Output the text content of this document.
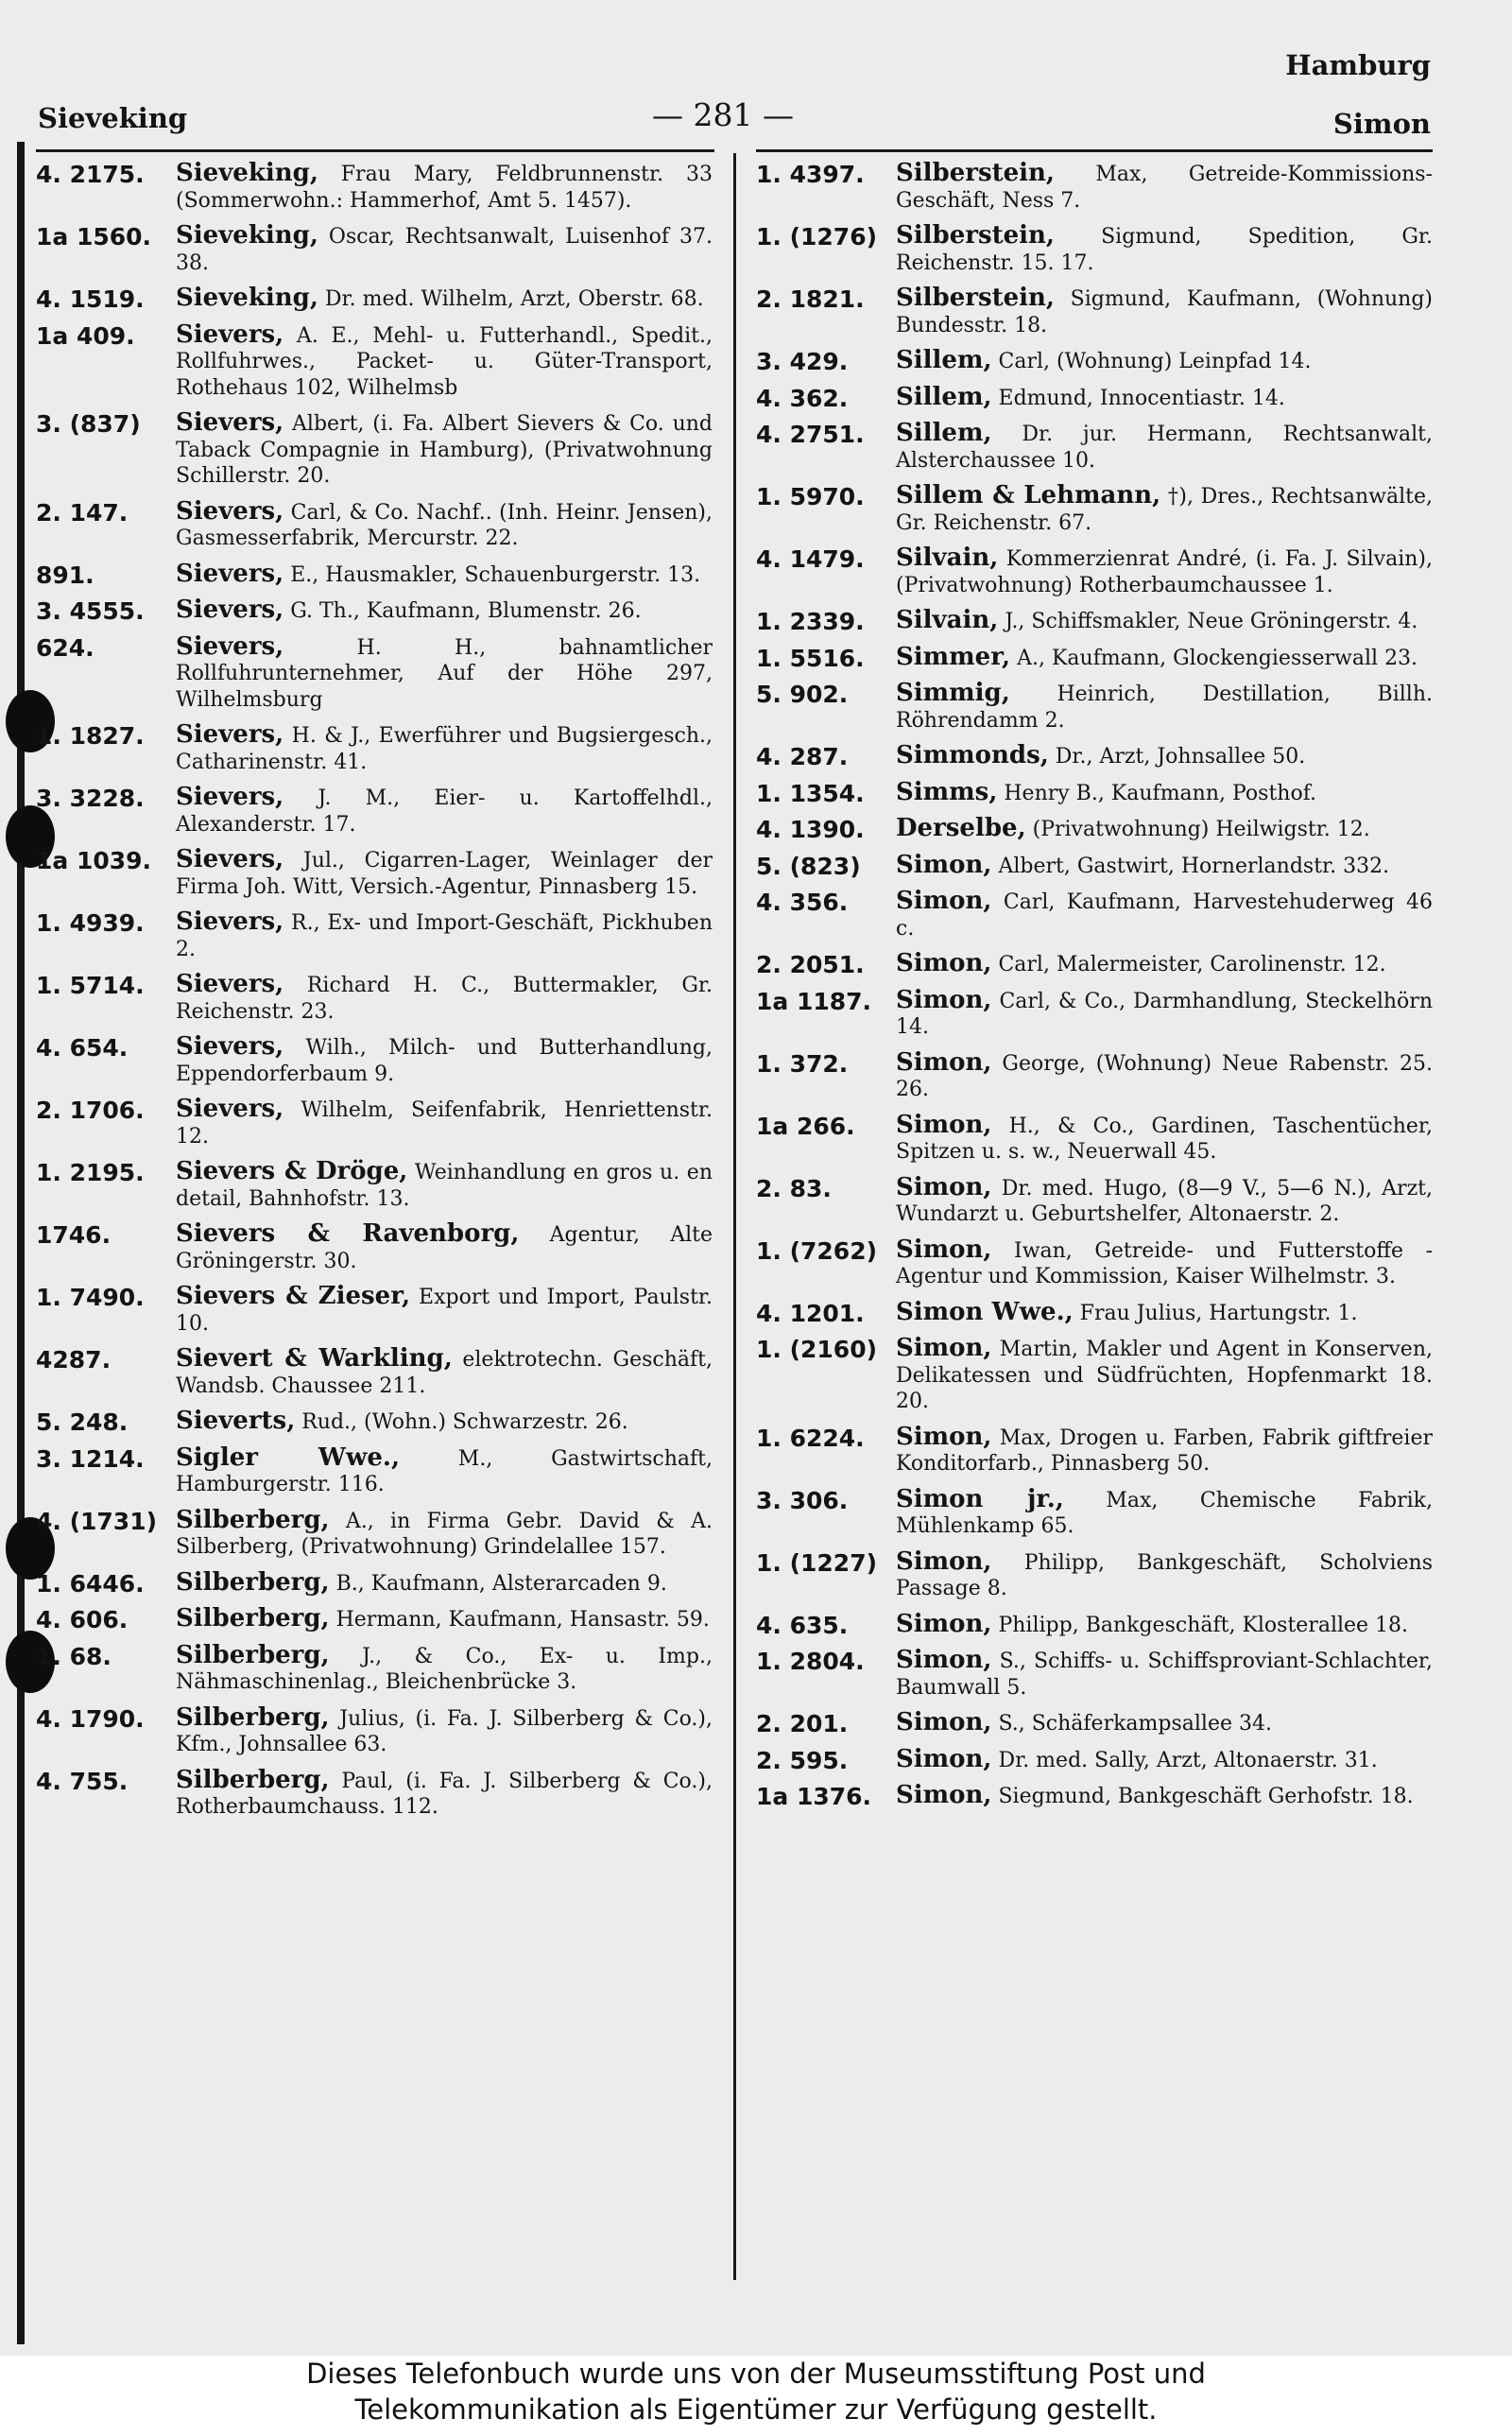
Hamburg
Sieveking	— 281 —	Simon
4. 2175.	Sieveking, Frau Mary, Feldbrunnenstr. 33 (Sommerwohn.: Hammerhof, Amt 5. 1457).
1a 1560. Sieveking, Oscar, Rechtsanwalt, Luisenhof 37. 38.
4. 1519.	Sieveking, Dr. med. Wilhelm, Arzt, Oberstr. 68.
1a 409.	Sievers, A. E., Mehl- u. Futterhandl., Spedit., Rollfuhrwes., Packet- u. Güter-Transport, Rothehaus 102, Wilhelmsb
3. (837)	Sievers, Albert, (i. Fa. Albert Sievers & Co. und Taback Compagnie in Hamburg), (Privatwohnung Schillerstr. 20.
2. 147.	Sievers, Carl, & Co. Nachf.. (Inh. Heinr. Jensen), Gasmesserfabrik, Mercurstr. 22.
891.	Sievers, E., Hausmakler, Schauenburgerstr. 13.
3. 4555.	Sievers, G. Th., Kaufmann, Blumenstr. 26.
624.	Sievers, H. H., bahnamtlicher Rollfuhrunternehmer, Auf der Höhe 297, Wilhelmsburg
1. 1827.	Sievers, H. & J., Ewerführer und Bugsiergesch., Catharinenstr. 41.
3. 3228.	Sievers, J. M., Eier- u. Kartoffelhdl., Alexanderstr. 17.
1a 1039. Sievers, Jul., Cigarren-Lager, Weinlager der Firma Joh. Witt, Versich.-Agentur, Pinnasberg 15.
1. 4939.	Sievers, R., Ex- und Import-Geschäft, Pickhuben 2.
1. 5714.	Sievers, Richard H. C., Buttermakler, Gr. Reichenstr. 23.
4. 654.	Sievers, Wilh., Milch- und Butterhandlung, Eppendorferbaum 9.
2. 1706.	Sievers, Wilhelm, Seifenfabrik, Henriettenstr. 12.
1. 2195.	Sievers & Dröge, Weinhandlung en gros u. en detail, Bahnhofstr. 13.
1746.	Sievers & Ravenborg, Agentur, Alte Gröningerstr. 30.
1. 7490.	Sievers & Zieser, Export und Import, Paulstr. 10.
4287.	Sievert & Warkling, elektrotechn. Geschäft, Wandsb. Chaussee 211.
5. 248.	Sieverts, Rud., (Wohn.) Schwarzestr. 26.
3. 1214.	Sigler Wwe., M., Gastwirtschaft, Hamburgerstr. 116.
4. (1731) Silberberg, A., in Firma Gebr. David & A. Silberberg, (Privatwohnung) Grindelallee 157.
1. 6446.	Silberberg, B., Kaufmann, Alsterarcaden 9.
4. 606.	Silberberg, Hermann, Kaufmann, Hansastr. 59.
1. 68.	Silberberg, J., & Co., Ex- u. Imp., Nähmaschinenlag., Bleichenbrücke 3.
4. 1790.	Silberberg, Julius, (i. Fa. J. Silberberg & Co.), Kfm., Johnsallee 63.
4. 755.	Silberberg, Paul, (i. Fa. J. Silberberg & Co.), Rotherbaumchauss. 112.
1. 4397.	Silberstein, Max, Getreide-Kommissions-Geschäft, Ness 7.
1. (1276) Silberstein, Sigmund, Spedition, Gr. Reichenstr. 15. 17.
2. 1821.	Silberstein, Sigmund, Kaufmann, (Wohnung) Bundesstr. 18.
3. 429.	Sillem, Carl, (Wohnung) Leinpfad 14.
4. 362.	Sillem, Edmund, Innocentiastr. 14.
4. 2751.	Sillem, Dr. jur. Hermann, Rechtsanwalt, Alsterchaussee 10.
1. 5970.	Sillem & Lehmann, †), Dres., Rechtsanwälte, Gr. Reichenstr. 67.
4. 1479.	Silvain, Kommerzienrat André, (i. Fa. J. Silvain), (Privatwohnung) Rotherbaumchaussee 1.
1. 2339.	Silvain, J., Schiffsmakler, Neue Gröningerstr. 4.
1. 5516.	Simmer, A., Kaufmann, Glockengiesserwall 23.
5. 902.	Simmig, Heinrich, Destillation, Billh. Röhrendamm 2.
4. 287.	Simmonds, Dr., Arzt, Johnsallee 50.
1. 1354.	Simms, Henry B., Kaufmann, Posthof.
4. 1390.	Derselbe, (Privatwohnung) Heilwigstr. 12.
5. (823)	Simon, Albert, Gastwirt, Hornerlandstr. 332.
4. 356.	Simon, Carl, Kaufmann, Harvestehuderweg 46 c.
2. 2051.	Simon, Carl, Malermeister, Carolinenstr. 12.
1a 1187. Simon, Carl, & Co., Darmhandlung, Steckelhörn 14.
1. 372.	Simon, George, (Wohnung) Neue Rabenstr. 25. 26.
1a 266.	Simon, H., & Co., Gardinen, Taschentücher, Spitzen u. s. w., Neuerwall 45.
2. 83.	Simon, Dr. med. Hugo, (8—9 V., 5—6 N.), Arzt, Wundarzt u. Geburtshelfer, Altonaerstr. 2.
1. (7262) Simon, Iwan, Getreide- und Futterstoffe - Agentur und Kommission, Kaiser Wilhelmstr. 3.
4. 1201.	Simon Wwe., Frau Julius, Hartungstr. 1.
1. (2160) Simon, Martin, Makler und Agent in Konserven, Delikatessen und Südfrüchten, Hopfenmarkt 18. 20.
1. 6224.	Simon, Max, Drogen u. Farben, Fabrik giftfreier Konditorfarb., Pinnasberg 50.
3. 306.	Simon jr., Max, Chemische Fabrik, Mühlenkamp 65.
1. (1227) Simon, Philipp, Bankgeschäft, Scholviens Passage 8.
4. 635.	Simon, Philipp, Bankgeschäft, Klosterallee 18.
1. 2804.	Simon, S., Schiffs- u. Schiffsproviant-Schlachter, Baumwall 5.
2. 201.	Simon, S., Schäferkampsallee 34.
2. 595.	Simon, Dr. med. Sally, Arzt, Altonaerstr. 31.
1a 1376. Simon, Siegmund, Bankgeschäft Gerhofstr. 18.
Dieses Telefonbuch wurde uns von der Museumsstiftung Post und
Telekommunikation als Eigentümer zur Verfügung gestellt.
